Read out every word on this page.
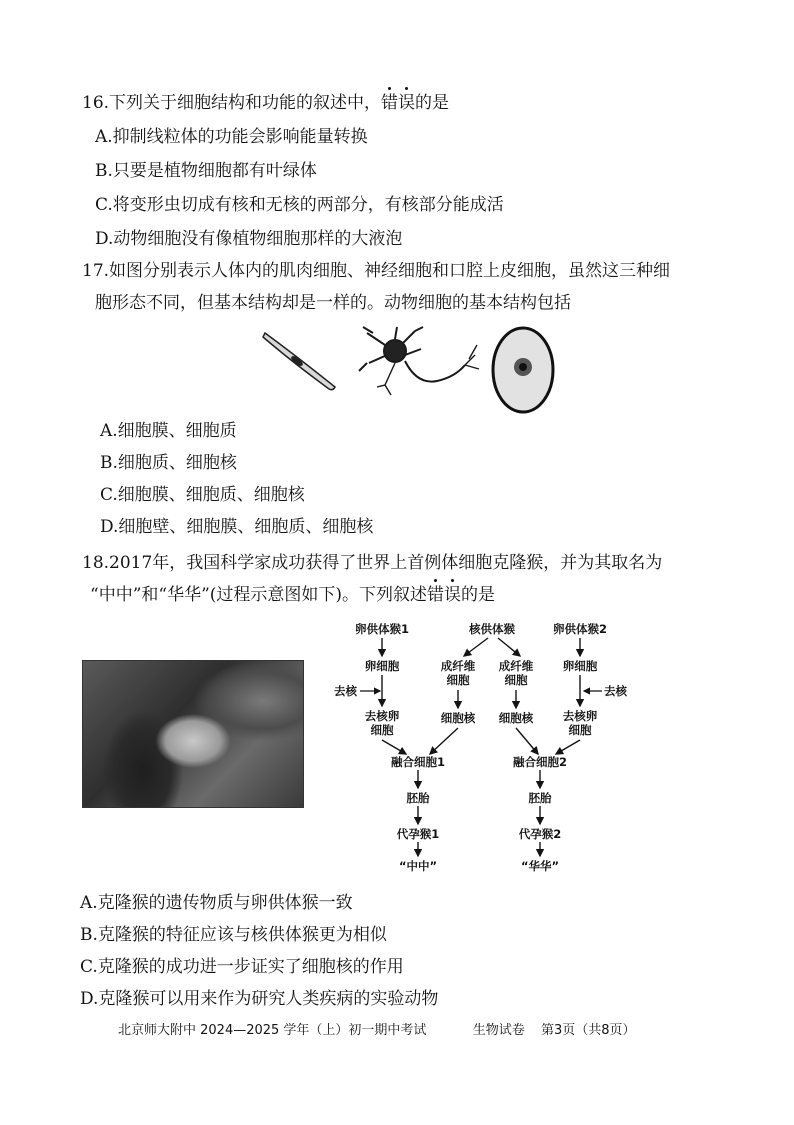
16.下列关于细胞结构和功能的叙述中，错误的是
A.抑制线粒体的功能会影响能量转换
B.只要是植物细胞都有叶绿体
C.将变形虫切成有核和无核的两部分，有核部分能成活
D.动物细胞没有像植物细胞那样的大液泡
17.如图分别表示人体内的肌肉细胞、神经细胞和口腔上皮细胞，虽然这三种细
胞形态不同，但基本结构却是一样的。动物细胞的基本结构包括
A.细胞膜、细胞质
B.细胞质、细胞核
C.细胞膜、细胞质、细胞核
D.细胞壁、细胞膜、细胞质、细胞核
18.2017年，我国科学家成功获得了世界上首例体细胞克隆猴，并为其取名为
“中中”和“华华”(过程示意图如下)。下列叙述错误的是
卵供体猴1	核供体猴	卵供体猴2
卵细胞	成纤维
细胞
成纤维
细胞
卵细胞
去核	去核
去核卵
细胞
细胞核 细胞核	去核卵
细胞
融合细胞1	融合细胞2
胚胎	胚胎
代孕猴1	代孕猴2
“中中”	“华华”
A.克隆猴的遗传物质与卵供体猴一致
B.克隆猴的特征应该与核供体猴更为相似
C.克隆猴的成功进一步证实了细胞核的作用
D.克隆猴可以用来作为研究人类疾病的实验动物
北京师大附中 2024—2025 学年（上）初一期中考试	生物试卷 第3页（共8页）
